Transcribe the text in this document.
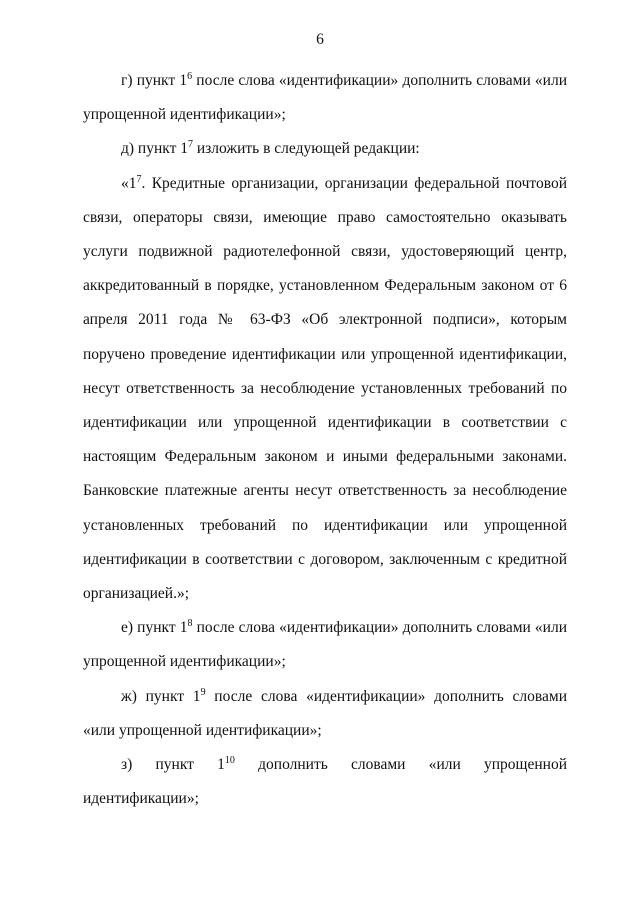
6

г) пункт $1^6$ после слова «идентификации» дополнить словами «или упрощенной идентификации»;

д) пункт $1^7$ изложить в следующей редакции:

«$1^7$. Кредитные организации, организации федеральной почтовой связи, операторы связи, имеющие право самостоятельно оказывать услуги подвижной радиотелефонной связи, удостоверяющий центр, аккредитованный в порядке, установленном Федеральным законом от 6 апреля 2011 года № 63-ФЗ «Об электронной подписи», которым поручено проведение идентификации или упрощенной идентификации, несут ответственность за несоблюдение установленных требований по идентификации или упрощенной идентификации в соответствии с настоящим Федеральным законом и иными федеральными законами. Банковские платежные агенты несут ответственность за несоблюдение установленных требований по идентификации или упрощенной идентификации в соответствии с договором, заключенным с кредитной организацией.»;

е) пункт $1^8$ после слова «идентификации» дополнить словами «или упрощенной идентификации»;

ж) пункт $1^9$ после слова «идентификации» дополнить словами «или упрощенной идентификации»;

з) пункт $1^{10}$ дополнить словами «или упрощенной идентификации»;
